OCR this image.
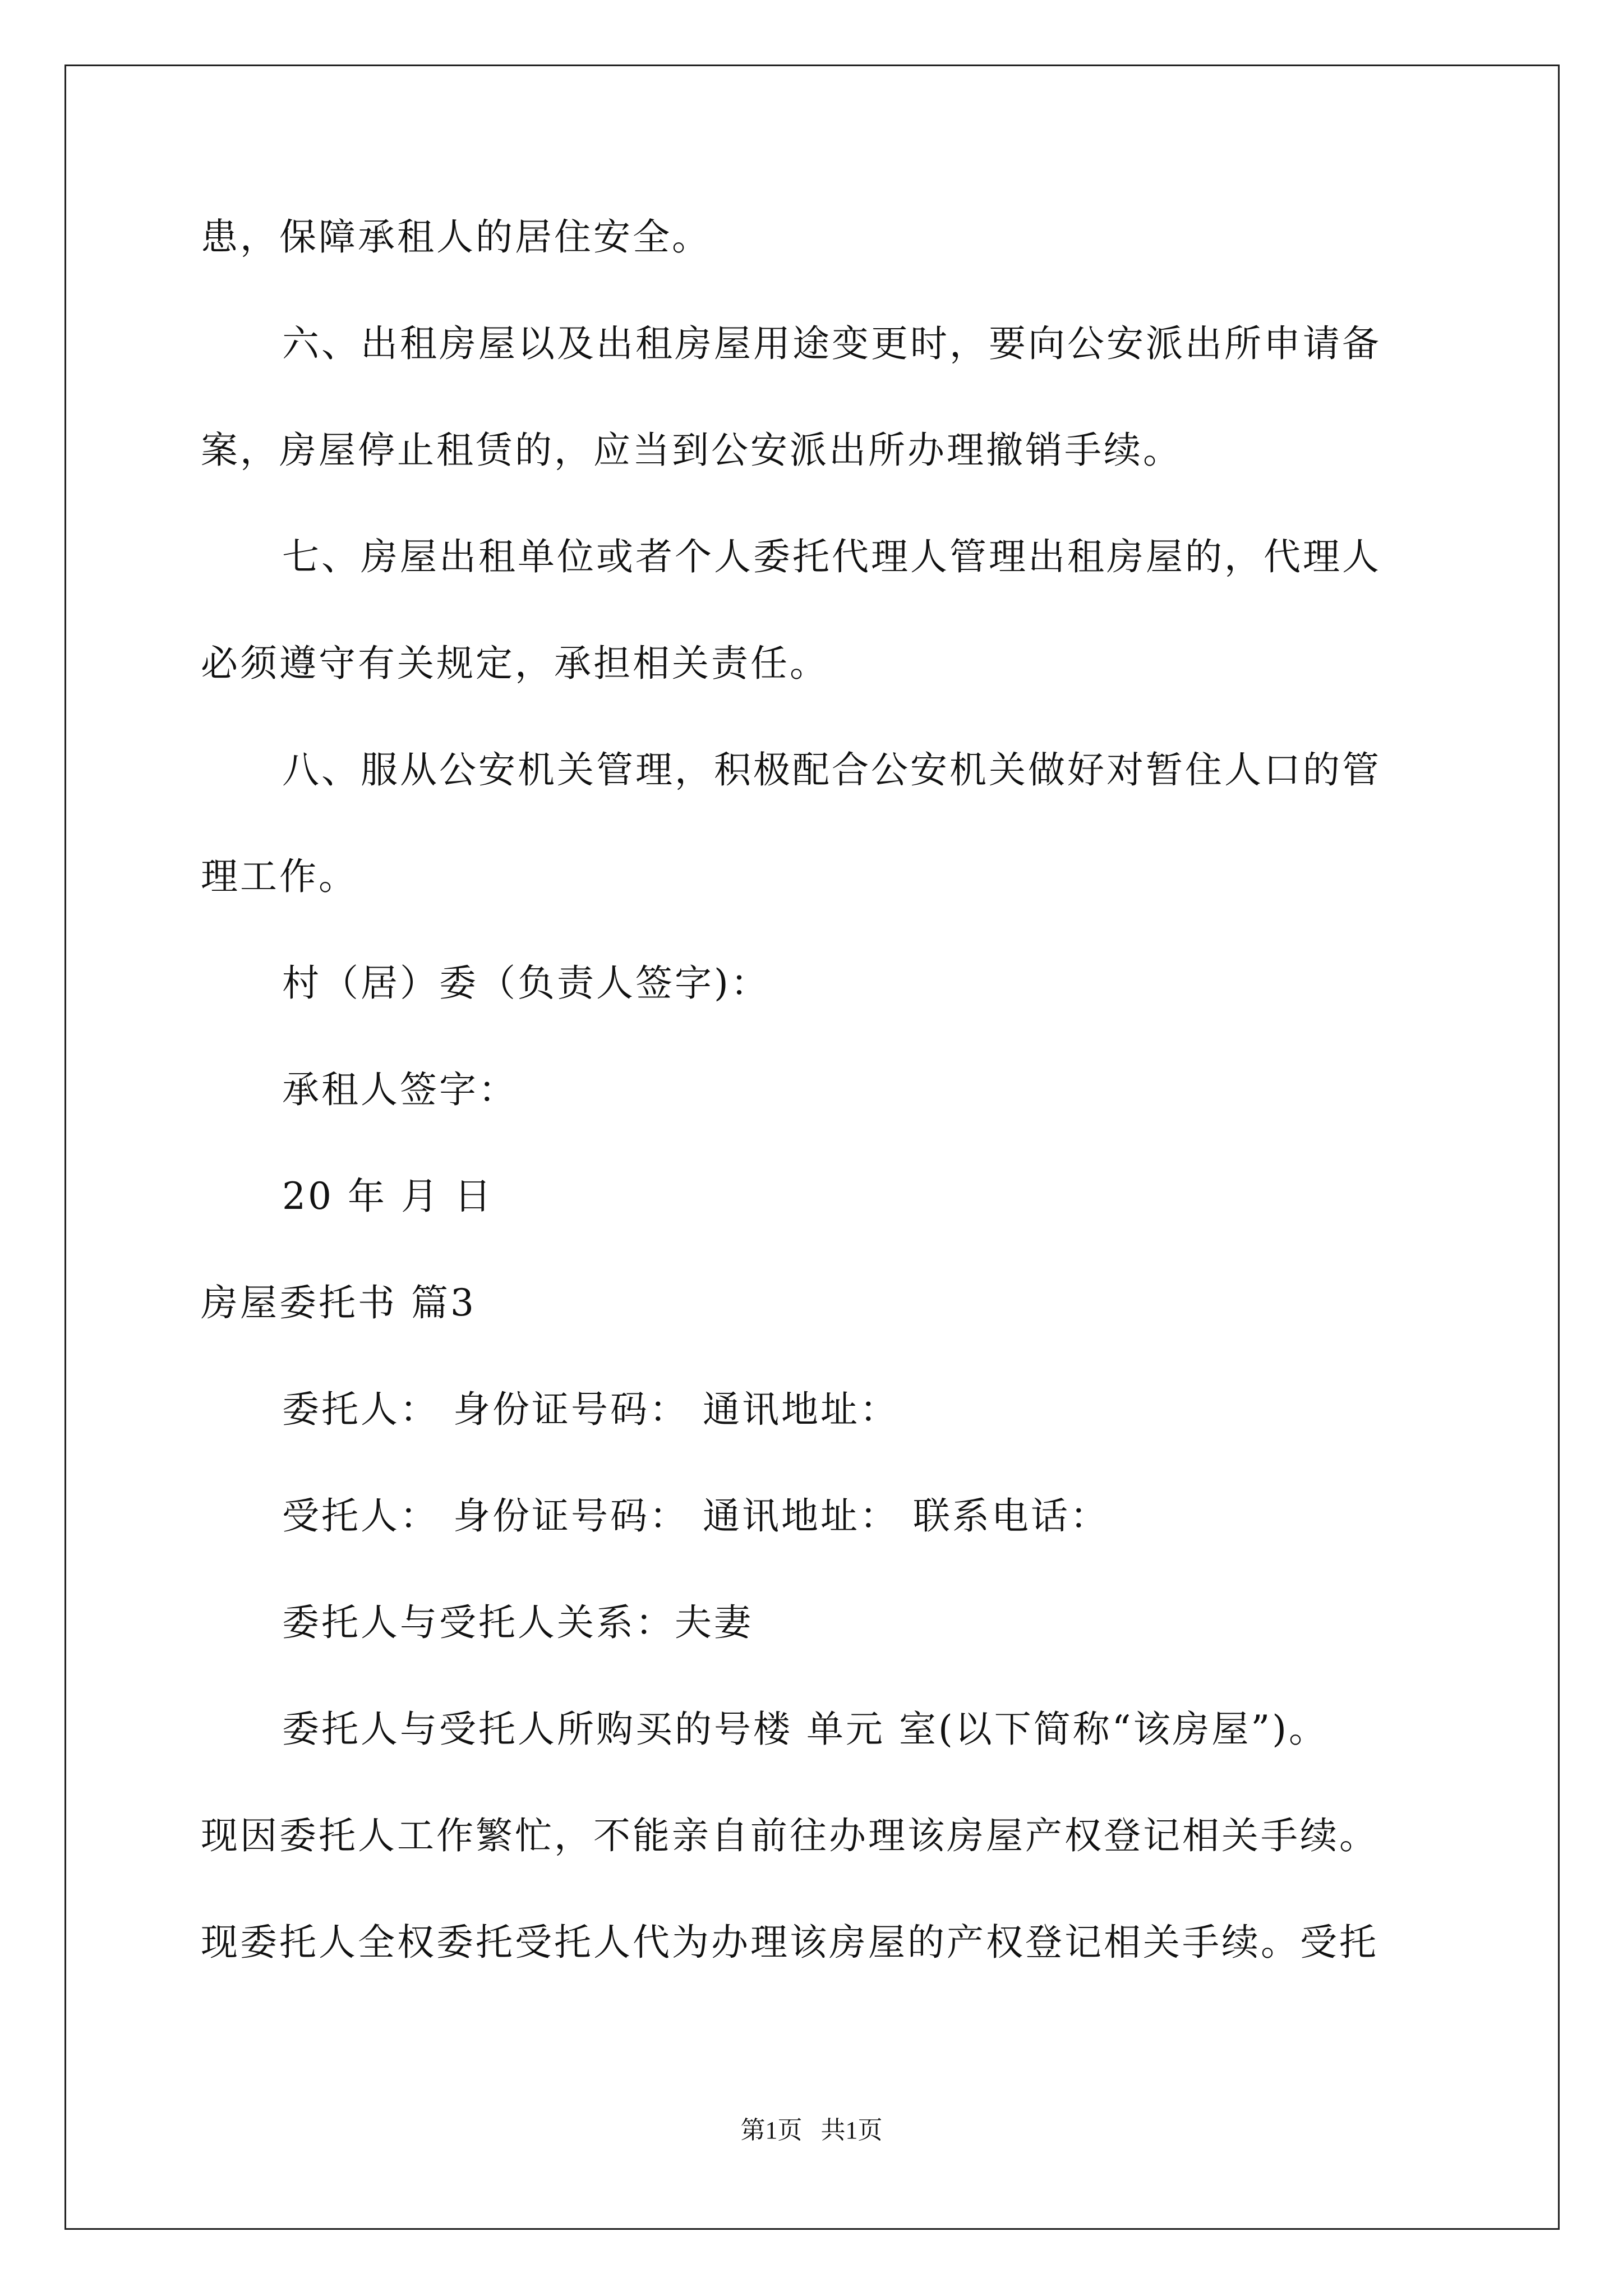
患，保障承租人的居住安全。
六、出租房屋以及出租房屋用途变更时，要向公安派出所申请备
案，房屋停止租赁的，应当到公安派出所办理撤销手续。
七、房屋出租单位或者个人委托代理人管理出租房屋的，代理人
必须遵守有关规定，承担相关责任。
八、服从公安机关管理，积极配合公安机关做好对暂住人口的管
理工作。
村（居）委（负责人签字)：
承租人签字：
20 年 月 日
房屋委托书 篇3
委托人： 身份证号码： 通讯地址：
受托人： 身份证号码： 通讯地址： 联系电话：
委托人与受托人关系：夫妻
委托人与受托人所购买的号楼 单元 室(以下简称“该房屋”)。
现因委托人工作繁忙，不能亲自前往办理该房屋产权登记相关手续。
现委托人全权委托受托人代为办理该房屋的产权登记相关手续。受托
第1页   共1页
